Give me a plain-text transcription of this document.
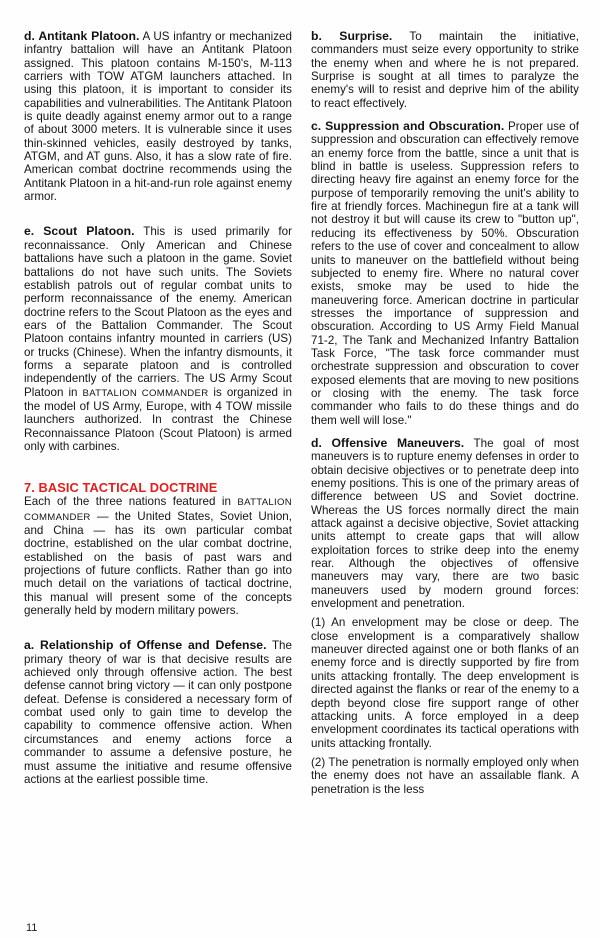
d. Antitank Platoon. A US infantry or mechanized infantry battalion will have an Antitank Platoon assigned. This platoon contains M-150's, M-113 carriers with TOW ATGM launchers attached. In using this platoon, it is important to consider its capabilities and vulnerabilities. The Antitank Platoon is quite deadly against enemy armor out to a range of about 3000 meters. It is vulnerable since it uses thin-skinned vehicles, easily destroyed by tanks, ATGM, and AT guns. Also, it has a slow rate of fire. American combat doctrine recommends using the Antitank Platoon in a hit-and-run role against enemy armor.

e. Scout Platoon. This is used primarily for reconnaissance. Only American and Chinese battalions have such a platoon in the game. Soviet battalions do not have such units. The Soviets establish patrols out of regular combat units to perform reconnaissance of the enemy. American doctrine refers to the Scout Platoon as the eyes and ears of the Battalion Commander. The Scout Platoon contains infantry mounted in carriers (US) or trucks (Chinese). When the infantry dismounts, it forms a separate platoon and is controlled independently of the carriers. The US Army Scout Platoon in BATTALION COMMANDER is organized in the model of US Army, Europe, with 4 TOW missile launchers authorized. In contrast the Chinese Reconnaissance Platoon (Scout Platoon) is armed only with carbines.

7. BASIC TACTICAL DOCTRINE

Each of the three nations featured in BATTALION COMMANDER — the United States, Soviet Union, and China — has its own particular combat doctrine, established on the ular combat doctrine, established on the basis of past wars and projections of future conflicts. Rather than go into much detail on the variations of tactical doctrine, this manual will present some of the concepts generally held by modern military powers.

a. Relationship of Offense and Defense. The primary theory of war is that decisive results are achieved only through offensive action. The best defense cannot bring victory — it can only postpone defeat. Defense is considered a necessary form of combat used only to gain time to develop the capability to commence offensive action. When circumstances and enemy actions force a commander to assume a defensive posture, he must assume the initiative and resume offensive actions at the earliest possible time.

b. Surprise. To maintain the initiative, commanders must seize every opportunity to strike the enemy when and where he is not prepared. Surprise is sought at all times to paralyze the enemy's will to resist and deprive him of the ability to react effectively.

c. Suppression and Obscuration. Proper use of suppression and obscuration can effectively remove an enemy force from the battle, since a unit that is blind in battle is useless. Suppression refers to directing heavy fire against an enemy force for the purpose of temporarily removing the unit's ability to fire at friendly forces. Machinegun fire at a tank will not destroy it but will cause its crew to "button up", reducing its effectiveness by 50%. Obscuration refers to the use of cover and concealment to allow units to maneuver on the battlefield without being subjected to enemy fire. Where no natural cover exists, smoke may be used to hide the maneuvering force. American doctrine in particular stresses the importance of suppression and obscuration. According to US Army Field Manual 71-2, The Tank and Mechanized Infantry Battalion Task Force, "The task force commander must orchestrate suppression and obscuration to cover exposed elements that are moving to new positions or closing with the enemy. The task force commander who fails to do these things and do them well will lose."

d. Offensive Maneuvers. The goal of most maneuvers is to rupture enemy defenses in order to obtain decisive objectives or to penetrate deep into enemy positions. This is one of the primary areas of difference between US and Soviet doctrine. Whereas the US forces normally direct the main attack against a decisive objective, Soviet attacking units attempt to create gaps that will allow exploitation forces to strike deep into the enemy rear. Although the objectives of offensive maneuvers may vary, there are two basic maneuvers used by modern ground forces: envelopment and penetration.

(1) An envelopment may be close or deep. The close envelopment is a comparatively shallow maneuver directed against one or both flanks of an enemy force and is directly supported by fire from units attacking frontally. The deep envelopment is directed against the flanks or rear of the enemy to a depth beyond close fire support range of other attacking units. A force employed in a deep envelopment coordinates its tactical operations with units attacking frontally.

(2) The penetration is normally employed only when the enemy does not have an assailable flank. A penetration is the less

11
